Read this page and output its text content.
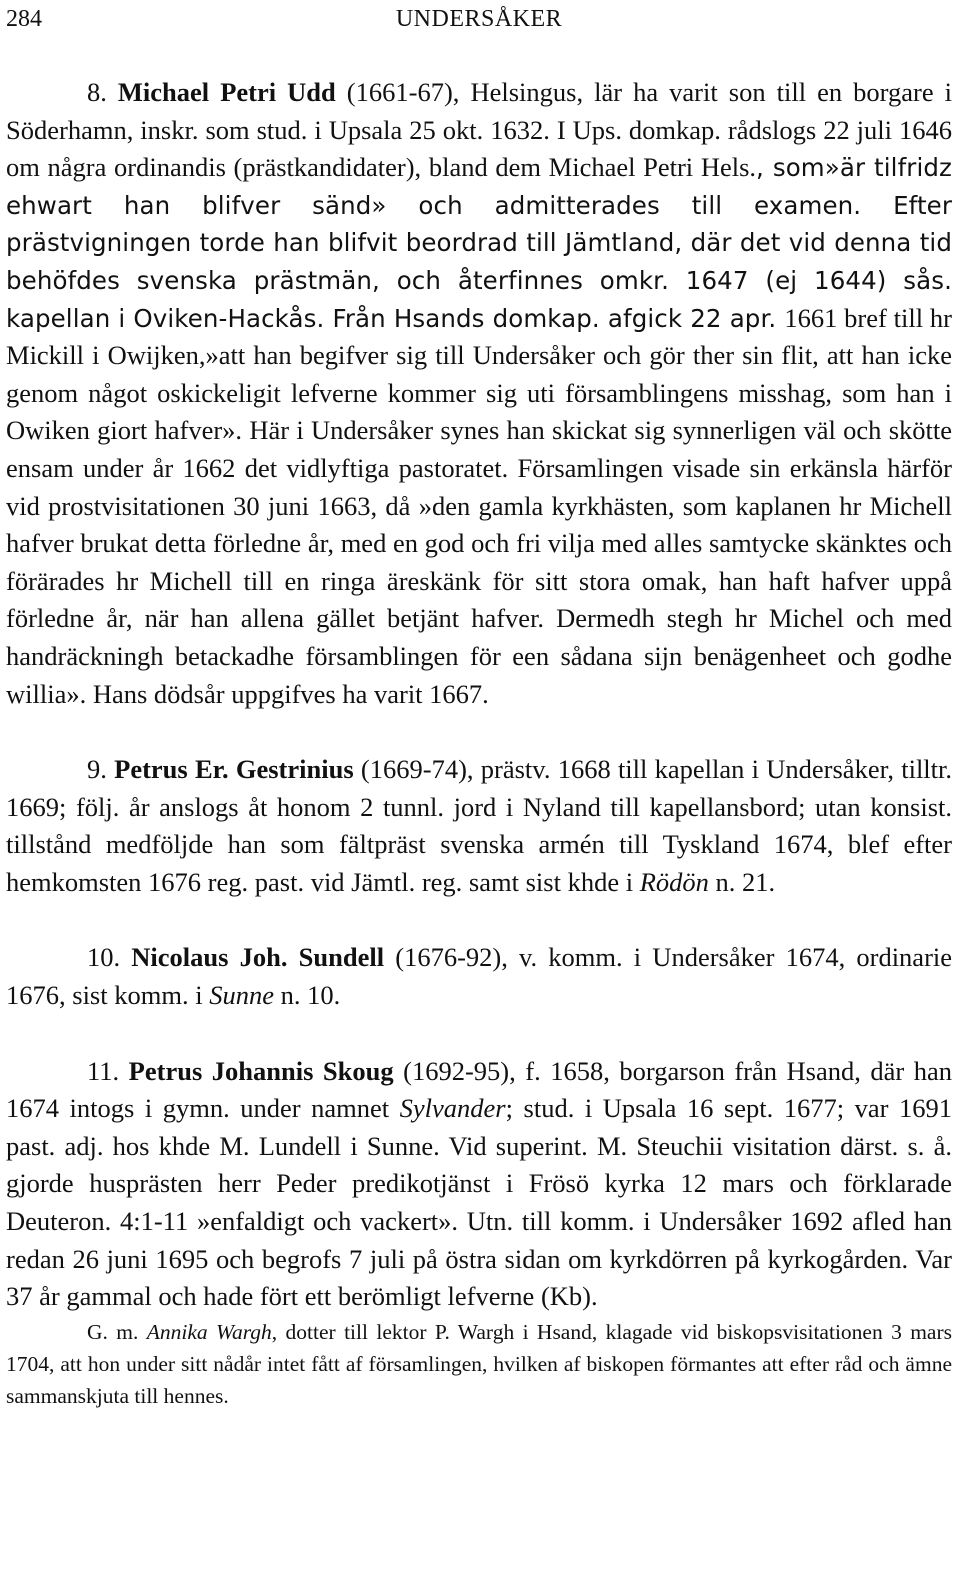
284	UNDERSÅKER

8. Michael Petri Udd (1661-67), Helsingus, lär ha varit son till en borgare i Söderhamn, inskr. som stud. i Upsala 25 okt. 1632. I Ups. domkap. rådslogs 22 juli 1646 om några ordinandis (prästkandidater), bland dem Michael Petri Hels., som»är tilfridz ehwart han blifver sänd» och admitterades till examen. Efter prästvigningen torde han blifvit beordrad till Jämtland, där det vid denna tid behöfdes svenska prästmän, och återfinnes omkr. 1647 (ej 1644) sås. kapellan i Oviken-Hackås. Från Hsands domkap. afgick 22 apr. 1661 bref till hr Mickill i Owijken,»att han begifver sig till Undersåker och gör ther sin flit, att han icke genom något oskickeligit lefverne kommer sig uti församblingens misshag, som han i Owiken giort hafver». Här i Undersåker synes han skickat sig synnerligen väl och skötte ensam under år 1662 det vidlyftiga pastoratet. Församlingen visade sin erkänsla härför vid prostvisitationen 30 juni 1663, då »den gamla kyrkhästen, som kaplanen hr Michell hafver brukat detta förledne år, med en god och fri vilja med alles samtycke skänktes och förärades hr Michell till en ringa äreskänk för sitt stora omak, han haft hafver uppå förledne år, när han allena gället betjänt hafver. Dermedh stegh hr Michel och med handräckningh betackadhe församblingen för een sådana sijn benägenheet och godhe willia». Hans dödsår uppgifves ha varit 1667.

9. Petrus Er. Gestrinius (1669-74), prästv. 1668 till kapellan i Undersåker, tilltr. 1669; följ. år anslogs åt honom 2 tunnl. jord i Nyland till kapellansbord; utan konsist. tillstånd medföljde han som fältpräst svenska armén till Tyskland 1674, blef efter hemkomsten 1676 reg. past. vid Jämtl. reg. samt sist khde i Rödön n. 21.

10. Nicolaus Joh. Sundell (1676-92), v. komm. i Undersåker 1674, ordinarie 1676, sist komm. i Sunne n. 10.

11. Petrus Johannis Skoug (1692-95), f. 1658, borgarson från Hsand, där han 1674 intogs i gymn. under namnet Sylvander; stud. i Upsala 16 sept. 1677; var 1691 past. adj. hos khde M. Lundell i Sunne. Vid superint. M. Steuchii visitation därst. s. å. gjorde husprästen herr Peder predikotjänst i Frösö kyrka 12 mars och förklarade Deuteron. 4:1-11 »enfaldigt och vackert». Utn. till komm. i Undersåker 1692 afled han redan 26 juni 1695 och begrofs 7 juli på östra sidan om kyrkdörren på kyrkogården. Var 37 år gammal och hade fört ett berömligt lefverne (Kb).

G. m. Annika Wargh, dotter till lektor P. Wargh i Hsand, klagade vid biskopsvisitationen 3 mars 1704, att hon under sitt nådår intet fått af församlingen, hvilken af biskopen förmantes att efter råd och ämne sammanskjuta till hennes.
